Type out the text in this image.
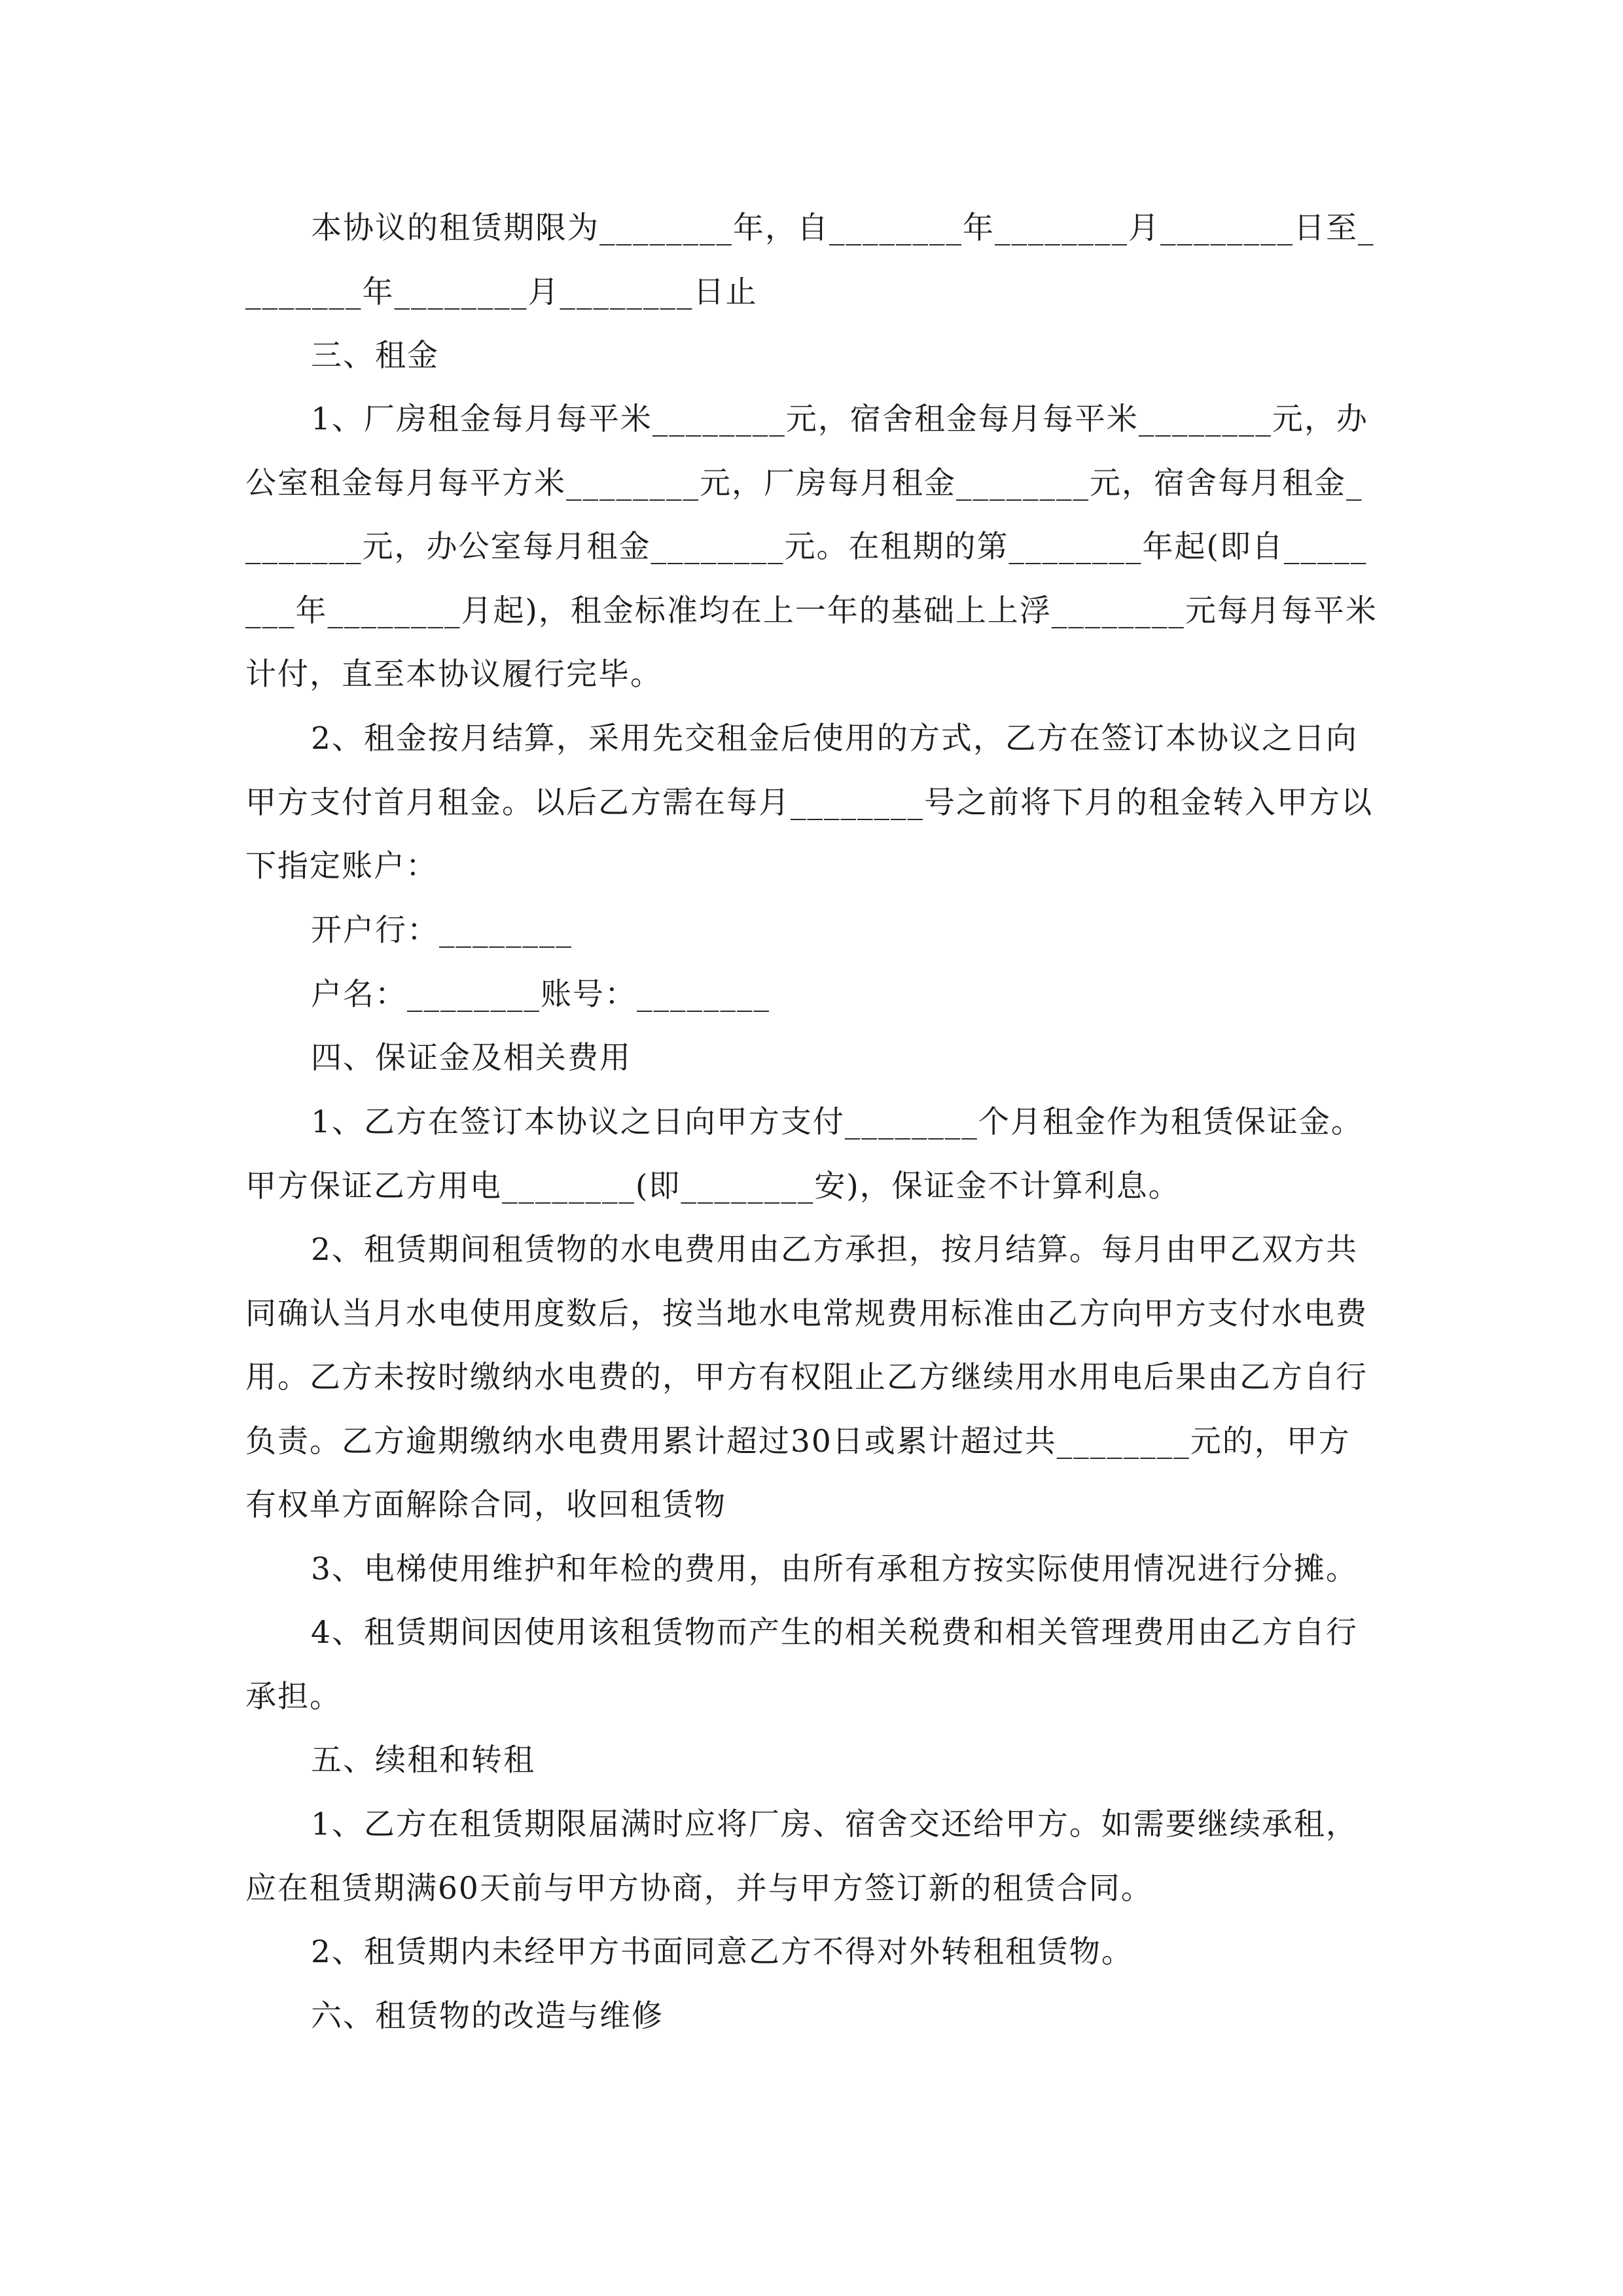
本协议的租赁期限为________年，自________年________月________日至________年________月________日止

三、租金

1、厂房租金每月每平米________元，宿舍租金每月每平米________元，办公室租金每月每平方米________元，厂房每月租金________元，宿舍每月租金________元，办公室每月租金________元。在租期的第________年起(即自________年________月起)，租金标准均在上一年的基础上上浮________元每月每平米计付，直至本协议履行完毕。

2、租金按月结算，采用先交租金后使用的方式，乙方在签订本协议之日向甲方支付首月租金。以后乙方需在每月________号之前将下月的租金转入甲方以下指定账户：

开户行：________

户名：________账号：________

四、保证金及相关费用

1、乙方在签订本协议之日向甲方支付________个月租金作为租赁保证金。甲方保证乙方用电________(即________安)，保证金不计算利息。

2、租赁期间租赁物的水电费用由乙方承担，按月结算。每月由甲乙双方共同确认当月水电使用度数后，按当地水电常规费用标准由乙方向甲方支付水电费用。乙方未按时缴纳水电费的，甲方有权阻止乙方继续用水用电后果由乙方自行负责。乙方逾期缴纳水电费用累计超过30日或累计超过共________元的，甲方有权单方面解除合同，收回租赁物

3、电梯使用维护和年检的费用，由所有承租方按实际使用情况进行分摊。

4、租赁期间因使用该租赁物而产生的相关税费和相关管理费用由乙方自行承担。

五、续租和转租

1、乙方在租赁期限届满时应将厂房、宿舍交还给甲方。如需要继续承租，应在租赁期满60天前与甲方协商，并与甲方签订新的租赁合同。

2、租赁期内未经甲方书面同意乙方不得对外转租租赁物。

六、租赁物的改造与维修
